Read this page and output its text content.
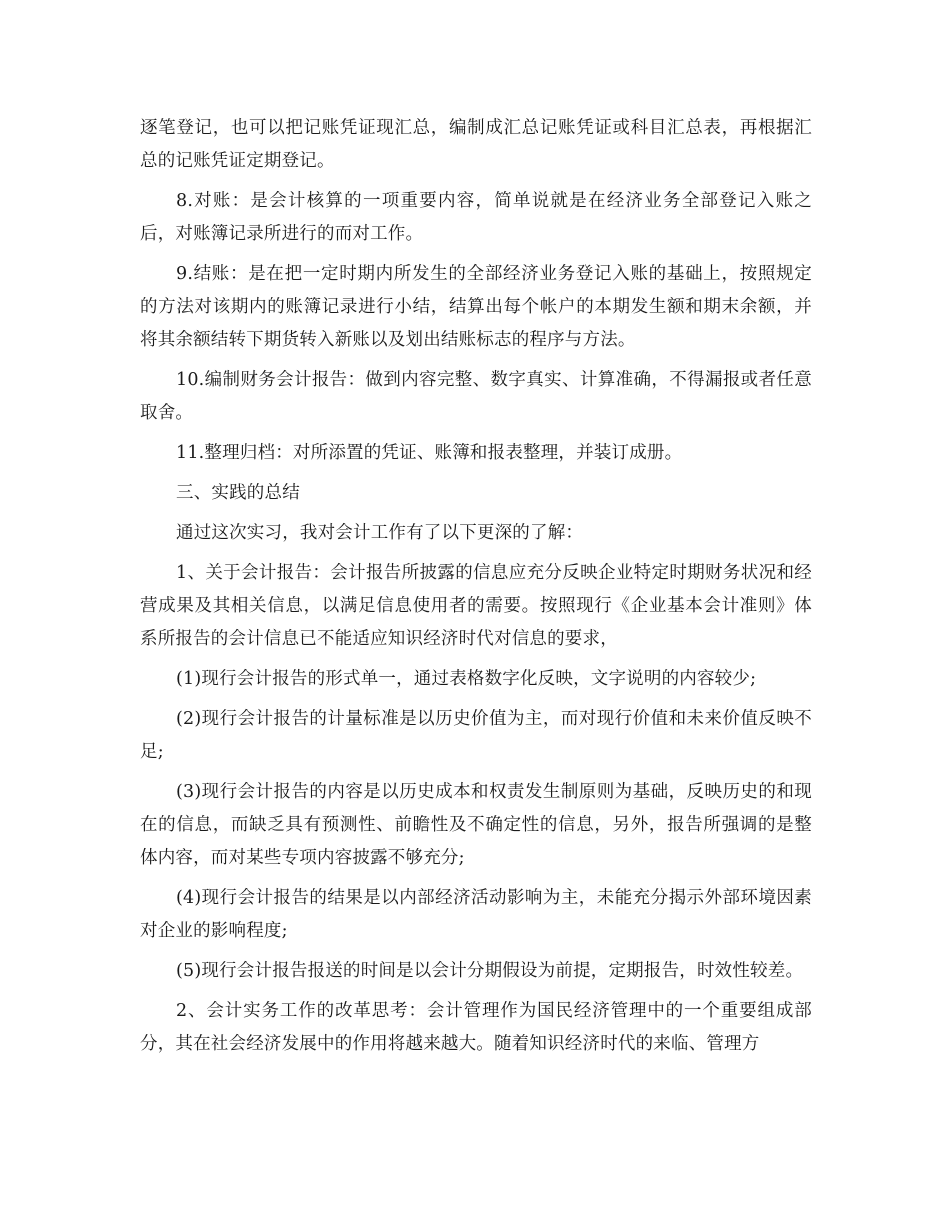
逐笔登记，也可以把记账凭证现汇总，编制成汇总记账凭证或科目汇总表，再根据汇总的记账凭证定期登记。

8.对账：是会计核算的一项重要内容，简单说就是在经济业务全部登记入账之后，对账簿记录所进行的而对工作。

9.结账：是在把一定时期内所发生的全部经济业务登记入账的基础上，按照规定的方法对该期内的账簿记录进行小结，结算出每个帐户的本期发生额和期末余额，并将其余额结转下期货转入新账以及划出结账标志的程序与方法。

10.编制财务会计报告：做到内容完整、数字真实、计算准确，不得漏报或者任意取舍。

11.整理归档：对所添置的凭证、账簿和报表整理，并装订成册。

三、实践的总结

通过这次实习，我对会计工作有了以下更深的了解：

1、关于会计报告：会计报告所披露的信息应充分反映企业特定时期财务状况和经营成果及其相关信息，以满足信息使用者的需要。按照现行《企业基本会计准则》体系所报告的会计信息已不能适应知识经济时代对信息的要求，

(1)现行会计报告的形式单一，通过表格数字化反映，文字说明的内容较少;

(2)现行会计报告的计量标准是以历史价值为主，而对现行价值和未来价值反映不足;

(3)现行会计报告的内容是以历史成本和权责发生制原则为基础，反映历史的和现在的信息，而缺乏具有预测性、前瞻性及不确定性的信息，另外，报告所强调的是整体内容，而对某些专项内容披露不够充分;

(4)现行会计报告的结果是以内部经济活动影响为主，未能充分揭示外部环境因素对企业的影响程度;

(5)现行会计报告报送的时间是以会计分期假设为前提，定期报告，时效性较差。

2、会计实务工作的改革思考：会计管理作为国民经济管理中的一个重要组成部分，其在社会经济发展中的作用将越来越大。随着知识经济时代的来临、管理方
